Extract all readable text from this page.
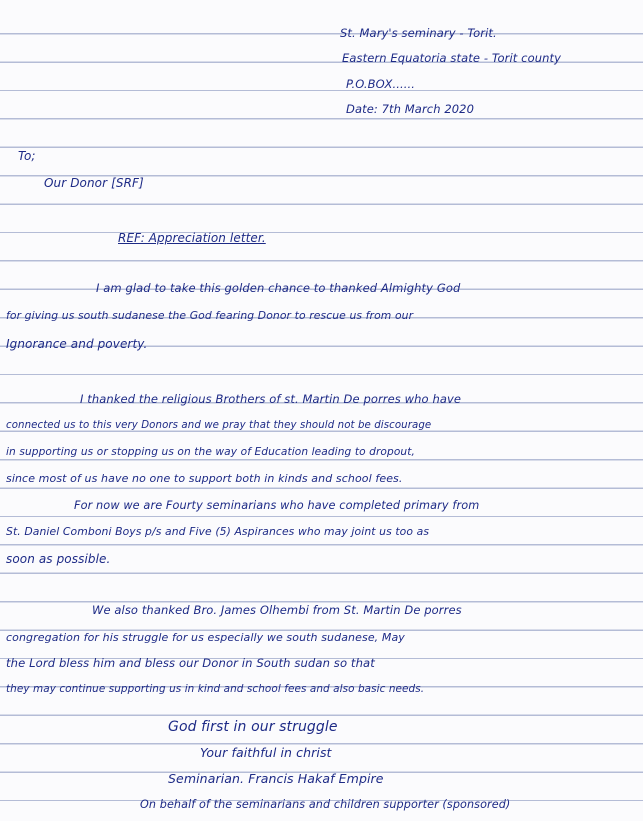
St. Mary's seminary - Torit.
Eastern Equatoria state - Torit county
P.O.BOX......
Date: 7th March 2020
To;
Our Donor [SRF]
REF: Appreciation letter.
I am glad to take this golden chance to thanked Almighty God
for giving us south sudanese the God fearing Donor to rescue us from our
Ignorance and poverty.
I thanked the religious Brothers of st. Martin De porres who have
connected us to this very Donors and we pray that they should not be discourage
in supporting us or stopping us on the way of Education leading to dropout,
since most of us have no one to support both in kinds and school fees.
For now we are Fourty seminarians who have completed primary from
St. Daniel Comboni Boys p/s and Five (5) Aspirances who may joint us too as
soon as possible.
We also thanked Bro. James Olhembi from St. Martin De porres
congregation for his struggle for us especially we south sudanese, May
the Lord bless him and bless our Donor in South sudan so that
they may continue supporting us in kind and school fees and also basic needs.
God first in our struggle
Your faithful in christ
Seminarian. Francis Hakaf Empire
On behalf of the seminarians and children supporter (sponsored)
